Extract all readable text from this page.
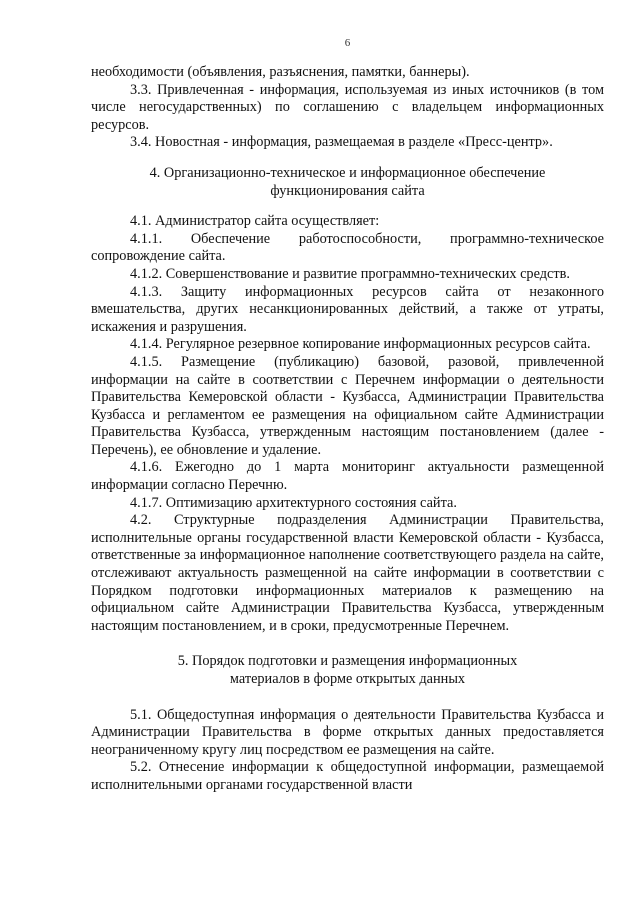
6

необходимости (объявления, разъяснения, памятки, баннеры).

3.3. Привлеченная - информация, используемая из иных источников (в том числе негосударственных) по соглашению с владельцем информационных ресурсов.

3.4. Новостная - информация, размещаемая в разделе «Пресс-центр».

4. Организационно-техническое и информационное обеспечение
функционирования сайта

4.1. Администратор сайта осуществляет:

4.1.1. Обеспечение работоспособности, программно-техническое сопровождение сайта.

4.1.2. Совершенствование и развитие программно-технических средств.

4.1.3. Защиту информационных ресурсов сайта от незаконного вмешательства, других несанкционированных действий, а также от утраты, искажения и разрушения.

4.1.4. Регулярное резервное копирование информационных ресурсов сайта.

4.1.5. Размещение (публикацию) базовой, разовой, привлеченной информации на сайте в соответствии с Перечнем информации о деятельности Правительства Кемеровской области - Кузбасса, Администрации Правительства Кузбасса и регламентом ее размещения на официальном сайте Администрации Правительства Кузбасса, утвержденным настоящим постановлением (далее - Перечень), ее обновление и удаление.

4.1.6. Ежегодно до 1 марта мониторинг актуальности размещенной информации согласно Перечню.

4.1.7. Оптимизацию архитектурного состояния сайта.

4.2. Структурные подразделения Администрации Правительства, исполнительные органы государственной власти Кемеровской области - Кузбасса, ответственные за информационное наполнение соответствующего раздела на сайте, отслеживают актуальность размещенной на сайте информации в соответствии с Порядком подготовки информационных материалов к размещению на официальном сайте Администрации Правительства Кузбасса, утвержденным настоящим постановлением, и в сроки, предусмотренные Перечнем.

5. Порядок подготовки и размещения информационных
материалов в форме открытых данных

5.1. Общедоступная информация о деятельности Правительства Кузбасса и Администрации Правительства в форме открытых данных предоставляется неограниченному кругу лиц посредством ее размещения на сайте.

5.2. Отнесение информации к общедоступной информации, размещаемой исполнительными органами государственной власти
